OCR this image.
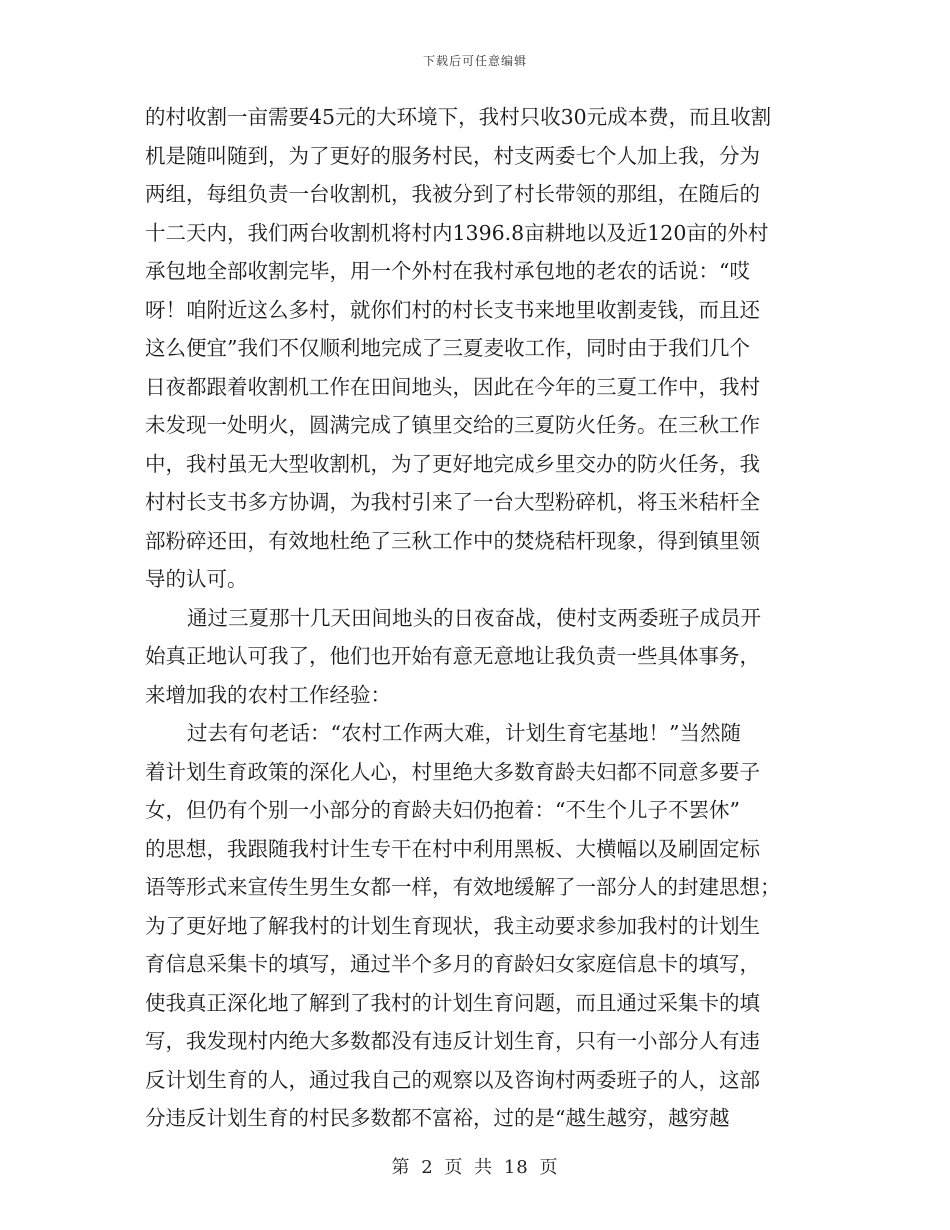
下载后可任意编辑
的村收割一亩需要45元的大环境下，我村只收30元成本费，而且收割
机是随叫随到，为了更好的服务村民，村支两委七个人加上我，分为
两组，每组负责一台收割机，我被分到了村长带领的那组，在随后的
十二天内，我们两台收割机将村内1396.8亩耕地以及近120亩的外村
承包地全部收割完毕，用一个外村在我村承包地的老农的话说：“哎
呀！咱附近这么多村，就你们村的村长支书来地里收割麦钱，而且还
这么便宜”我们不仅顺利地完成了三夏麦收工作，同时由于我们几个
日夜都跟着收割机工作在田间地头，因此在今年的三夏工作中，我村
未发现一处明火，圆满完成了镇里交给的三夏防火任务。在三秋工作
中，我村虽无大型收割机，为了更好地完成乡里交办的防火任务，我
村村长支书多方协调，为我村引来了一台大型粉碎机，将玉米秸杆全
部粉碎还田，有效地杜绝了三秋工作中的焚烧秸杆现象，得到镇里领
导的认可。
通过三夏那十几天田间地头的日夜奋战，使村支两委班子成员开
始真正地认可我了，他们也开始有意无意地让我负责一些具体事务，
来增加我的农村工作经验：
过去有句老话：“农村工作两大难，计划生育宅基地！”当然随
着计划生育政策的深化人心，村里绝大多数育龄夫妇都不同意多要子
女，但仍有个别一小部分的育龄夫妇仍抱着：“不生个儿子不罢休”
的思想，我跟随我村计生专干在村中利用黑板、大横幅以及刷固定标
语等形式来宣传生男生女都一样，有效地缓解了一部分人的封建思想；
为了更好地了解我村的计划生育现状，我主动要求参加我村的计划生
育信息采集卡的填写，通过半个多月的育龄妇女家庭信息卡的填写，
使我真正深化地了解到了我村的计划生育问题，而且通过采集卡的填
写，我发现村内绝大多数都没有违反计划生育，只有一小部分人有违
反计划生育的人，通过我自己的观察以及咨询村两委班子的人，这部
分违反计划生育的村民多数都不富裕，过的是“越生越穷，越穷越
第 2 页 共 18 页
